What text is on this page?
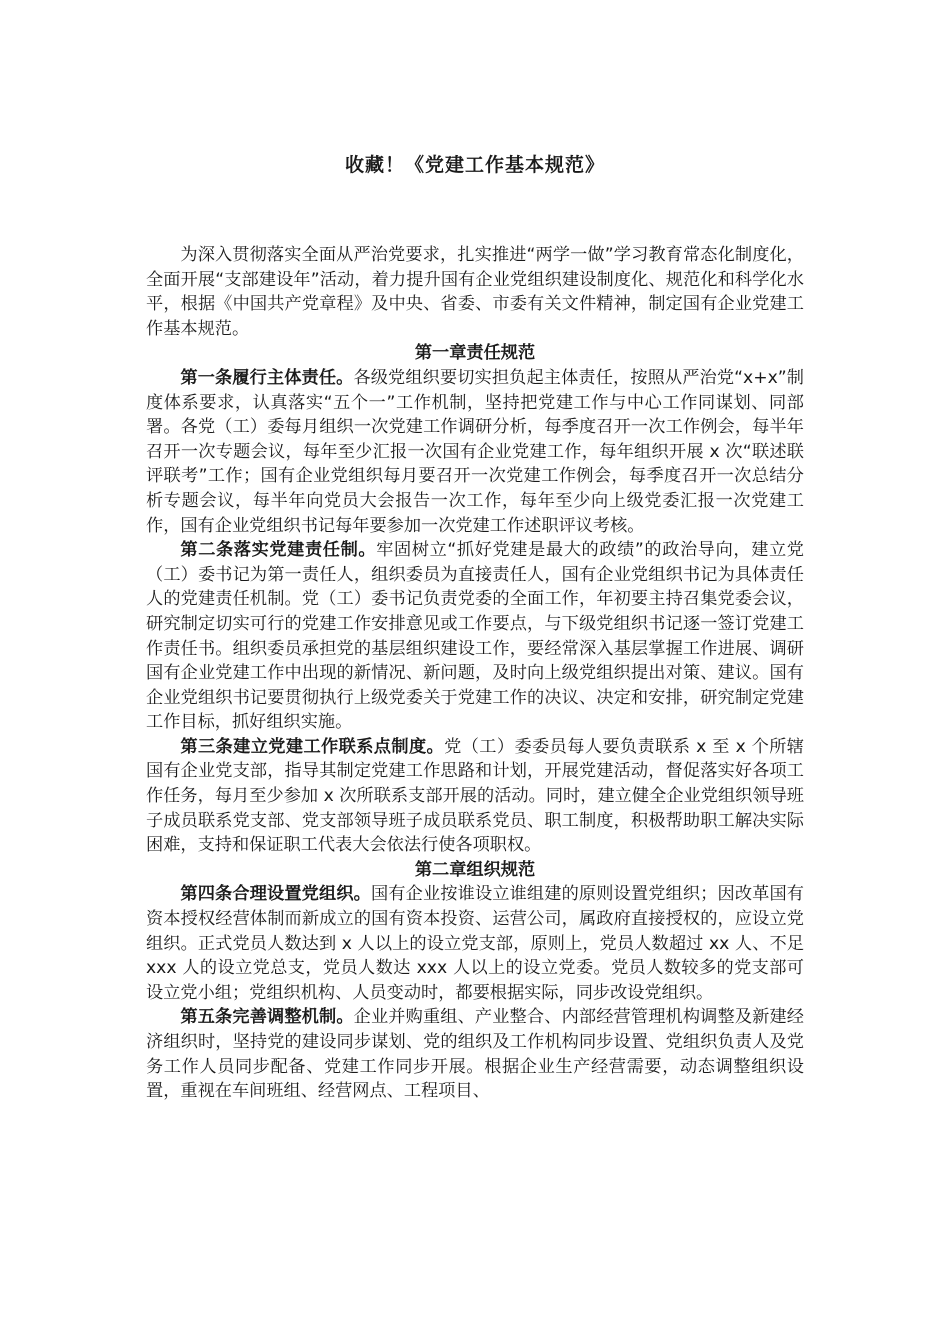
收藏！《党建工作基本规范》

为深入贯彻落实全面从严治党要求，扎实推进“两学一做”学习教育常态化制度化，全面开展“支部建设年”活动，着力提升国有企业党组织建设制度化、规范化和科学化水平，根据《中国共产党章程》及中央、省委、市委有关文件精神，制定国有企业党建工作基本规范。

第一章责任规范

第一条履行主体责任。各级党组织要切实担负起主体责任，按照从严治党“x+x”制度体系要求，认真落实“五个一”工作机制，坚持把党建工作与中心工作同谋划、同部署。各党（工）委每月组织一次党建工作调研分析，每季度召开一次工作例会，每半年召开一次专题会议，每年至少汇报一次国有企业党建工作，每年组织开展 x 次“联述联评联考”工作；国有企业党组织每月要召开一次党建工作例会，每季度召开一次总结分析专题会议，每半年向党员大会报告一次工作，每年至少向上级党委汇报一次党建工作，国有企业党组织书记每年要参加一次党建工作述职评议考核。

第二条落实党建责任制。牢固树立“抓好党建是最大的政绩”的政治导向，建立党（工）委书记为第一责任人，组织委员为直接责任人，国有企业党组织书记为具体责任人的党建责任机制。党（工）委书记负责党委的全面工作，年初要主持召集党委会议，研究制定切实可行的党建工作安排意见或工作要点，与下级党组织书记逐一签订党建工作责任书。组织委员承担党的基层组织建设工作，要经常深入基层掌握工作进展、调研国有企业党建工作中出现的新情况、新问题，及时向上级党组织提出对策、建议。国有企业党组织书记要贯彻执行上级党委关于党建工作的决议、决定和安排，研究制定党建工作目标，抓好组织实施。

第三条建立党建工作联系点制度。党（工）委委员每人要负责联系 x 至 x 个所辖国有企业党支部，指导其制定党建工作思路和计划，开展党建活动，督促落实好各项工作任务，每月至少参加 x 次所联系支部开展的活动。同时，建立健全企业党组织领导班子成员联系党支部、党支部领导班子成员联系党员、职工制度，积极帮助职工解决实际困难，支持和保证职工代表大会依法行使各项职权。

第二章组织规范

第四条合理设置党组织。国有企业按谁设立谁组建的原则设置党组织；因改革国有资本授权经营体制而新成立的国有资本投资、运营公司，属政府直接授权的，应设立党组织。正式党员人数达到 x 人以上的设立党支部，原则上，党员人数超过 xx 人、不足 xxx 人的设立党总支，党员人数达 xxx 人以上的设立党委。党员人数较多的党支部可设立党小组；党组织机构、人员变动时，都要根据实际，同步改设党组织。

第五条完善调整机制。企业并购重组、产业整合、内部经营管理机构调整及新建经济组织时，坚持党的建设同步谋划、党的组织及工作机构同步设置、党组织负责人及党务工作人员同步配备、党建工作同步开展。根据企业生产经营需要，动态调整组织设置，重视在车间班组、经营网点、工程项目、
